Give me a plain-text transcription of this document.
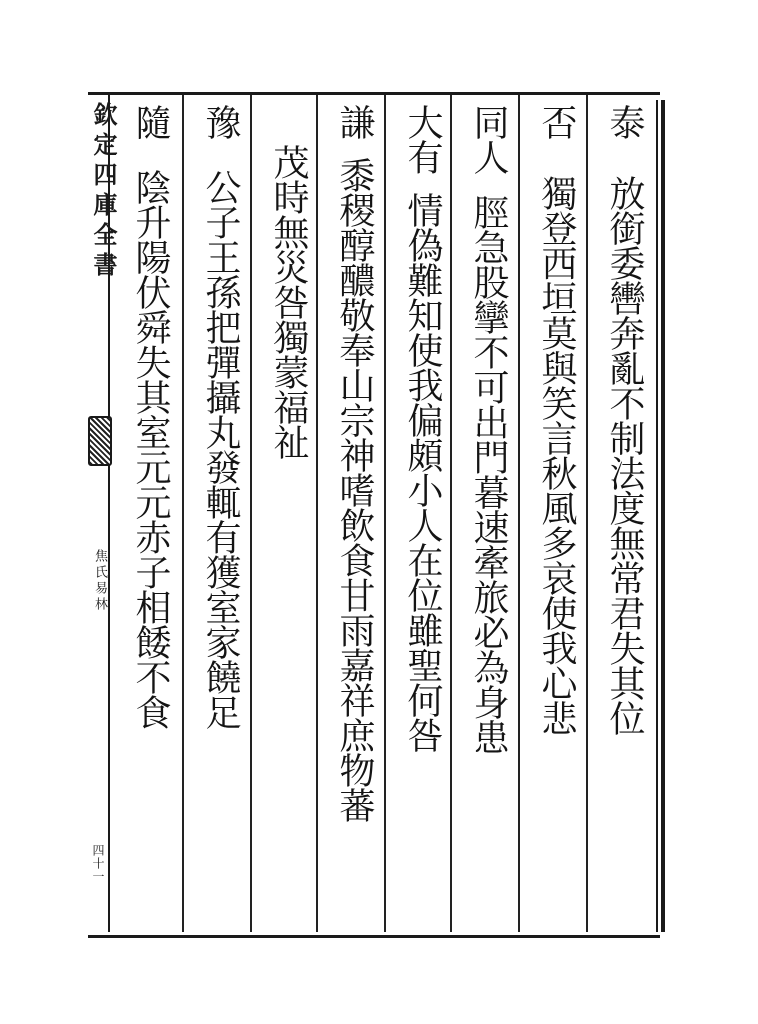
欽定四庫全書
焦氏易林
四十一
泰放銜委轡奔亂不制法度無常君失其位
否獨登西垣莫與笑言秋風多哀使我心悲
同人脛急股攣不可出門暮速牽旅必為身患
大有情偽難知使我偏頗小人在位雖聖何咎
謙黍稷醇醲敬奉山宗神嗜飲食甘雨嘉祥庶物蕃
茂時無災咎獨蒙福祉
豫公子王孫把彈攝丸發輒有獲室家饒足
隨陰升陽伏舜失其室元元赤子相餧不食
